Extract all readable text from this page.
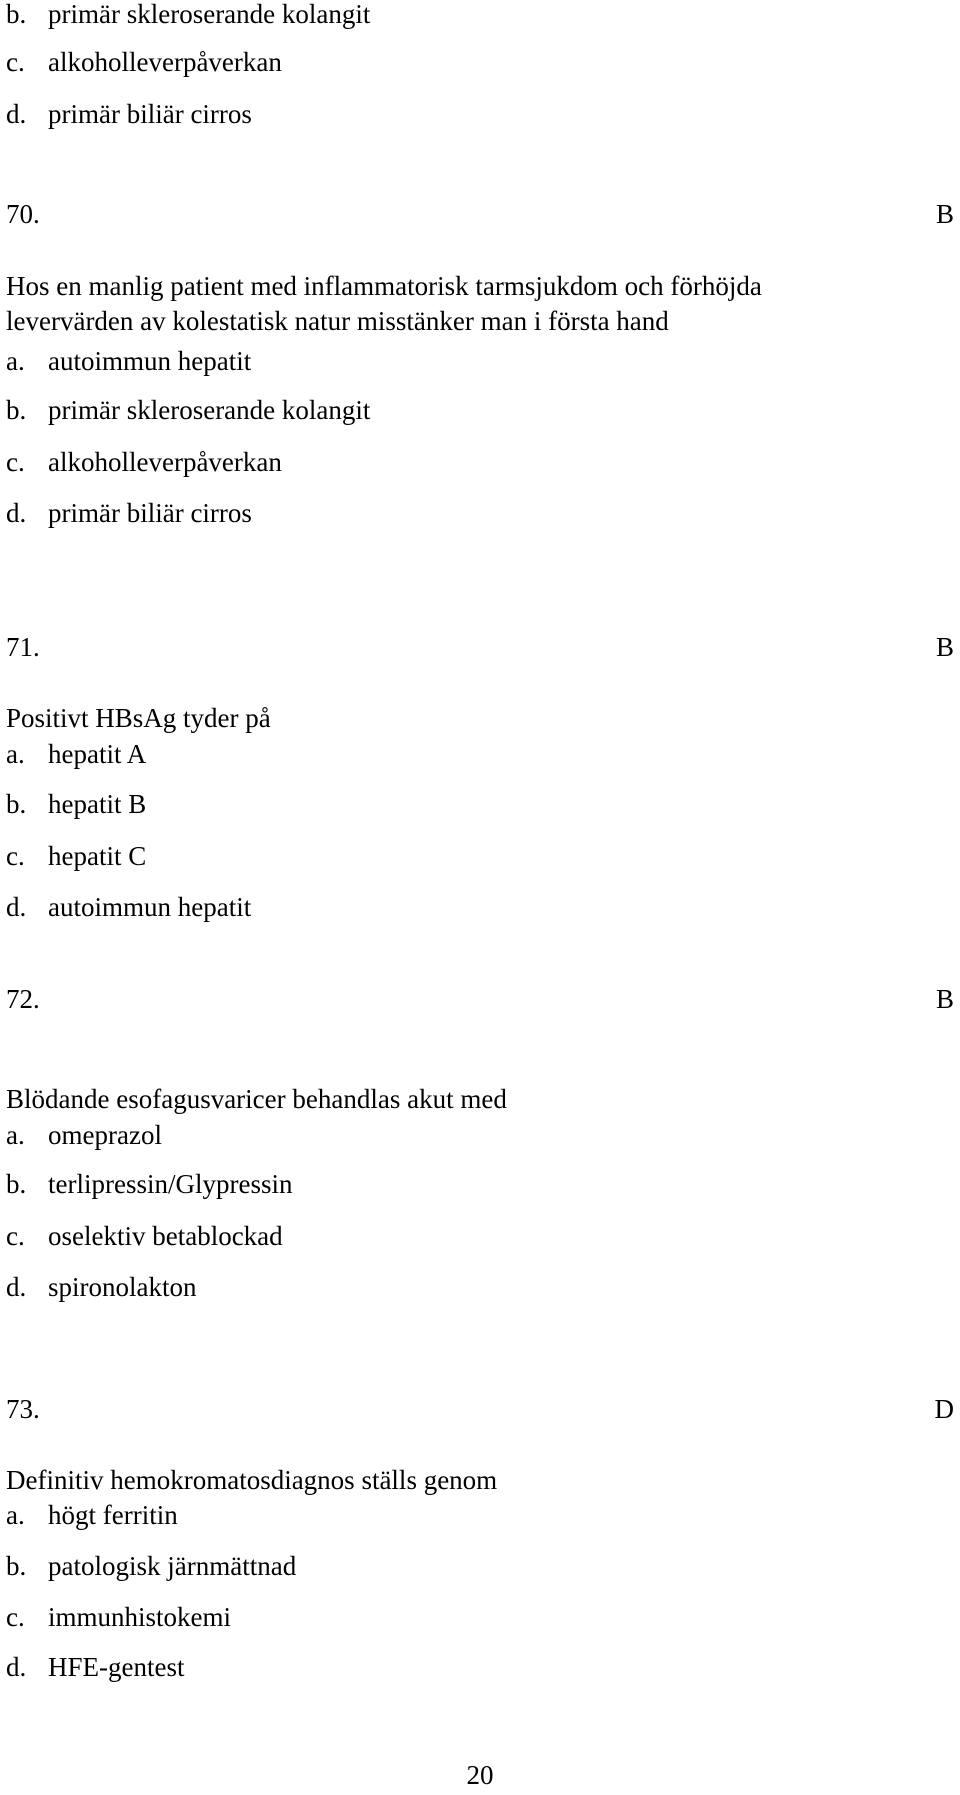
b. primär skleroserande kolangit
c. alkoholleverpåverkan
d. primär biliär cirros
70.	B
Hos en manlig patient med inflammatorisk tarmsjukdom och förhöjda
levervärden av kolestatisk natur misstänker man i första hand
a. autoimmun hepatit
b. primär skleroserande kolangit
c. alkoholleverpåverkan
d. primär biliär cirros
71.	B
Positivt HBsAg tyder på
a. hepatit A
b. hepatit B
c. hepatit C
d. autoimmun hepatit
72.	B
Blödande esofagusvaricer behandlas akut med
a. omeprazol
b. terlipressin/Glypressin
c. oselektiv betablockad
d. spironolakton
73.	D
Definitiv hemokromatosdiagnos ställs genom
a. högt ferritin
b. patologisk järnmättnad
c. immunhistokemi
d. HFE-gentest
20
